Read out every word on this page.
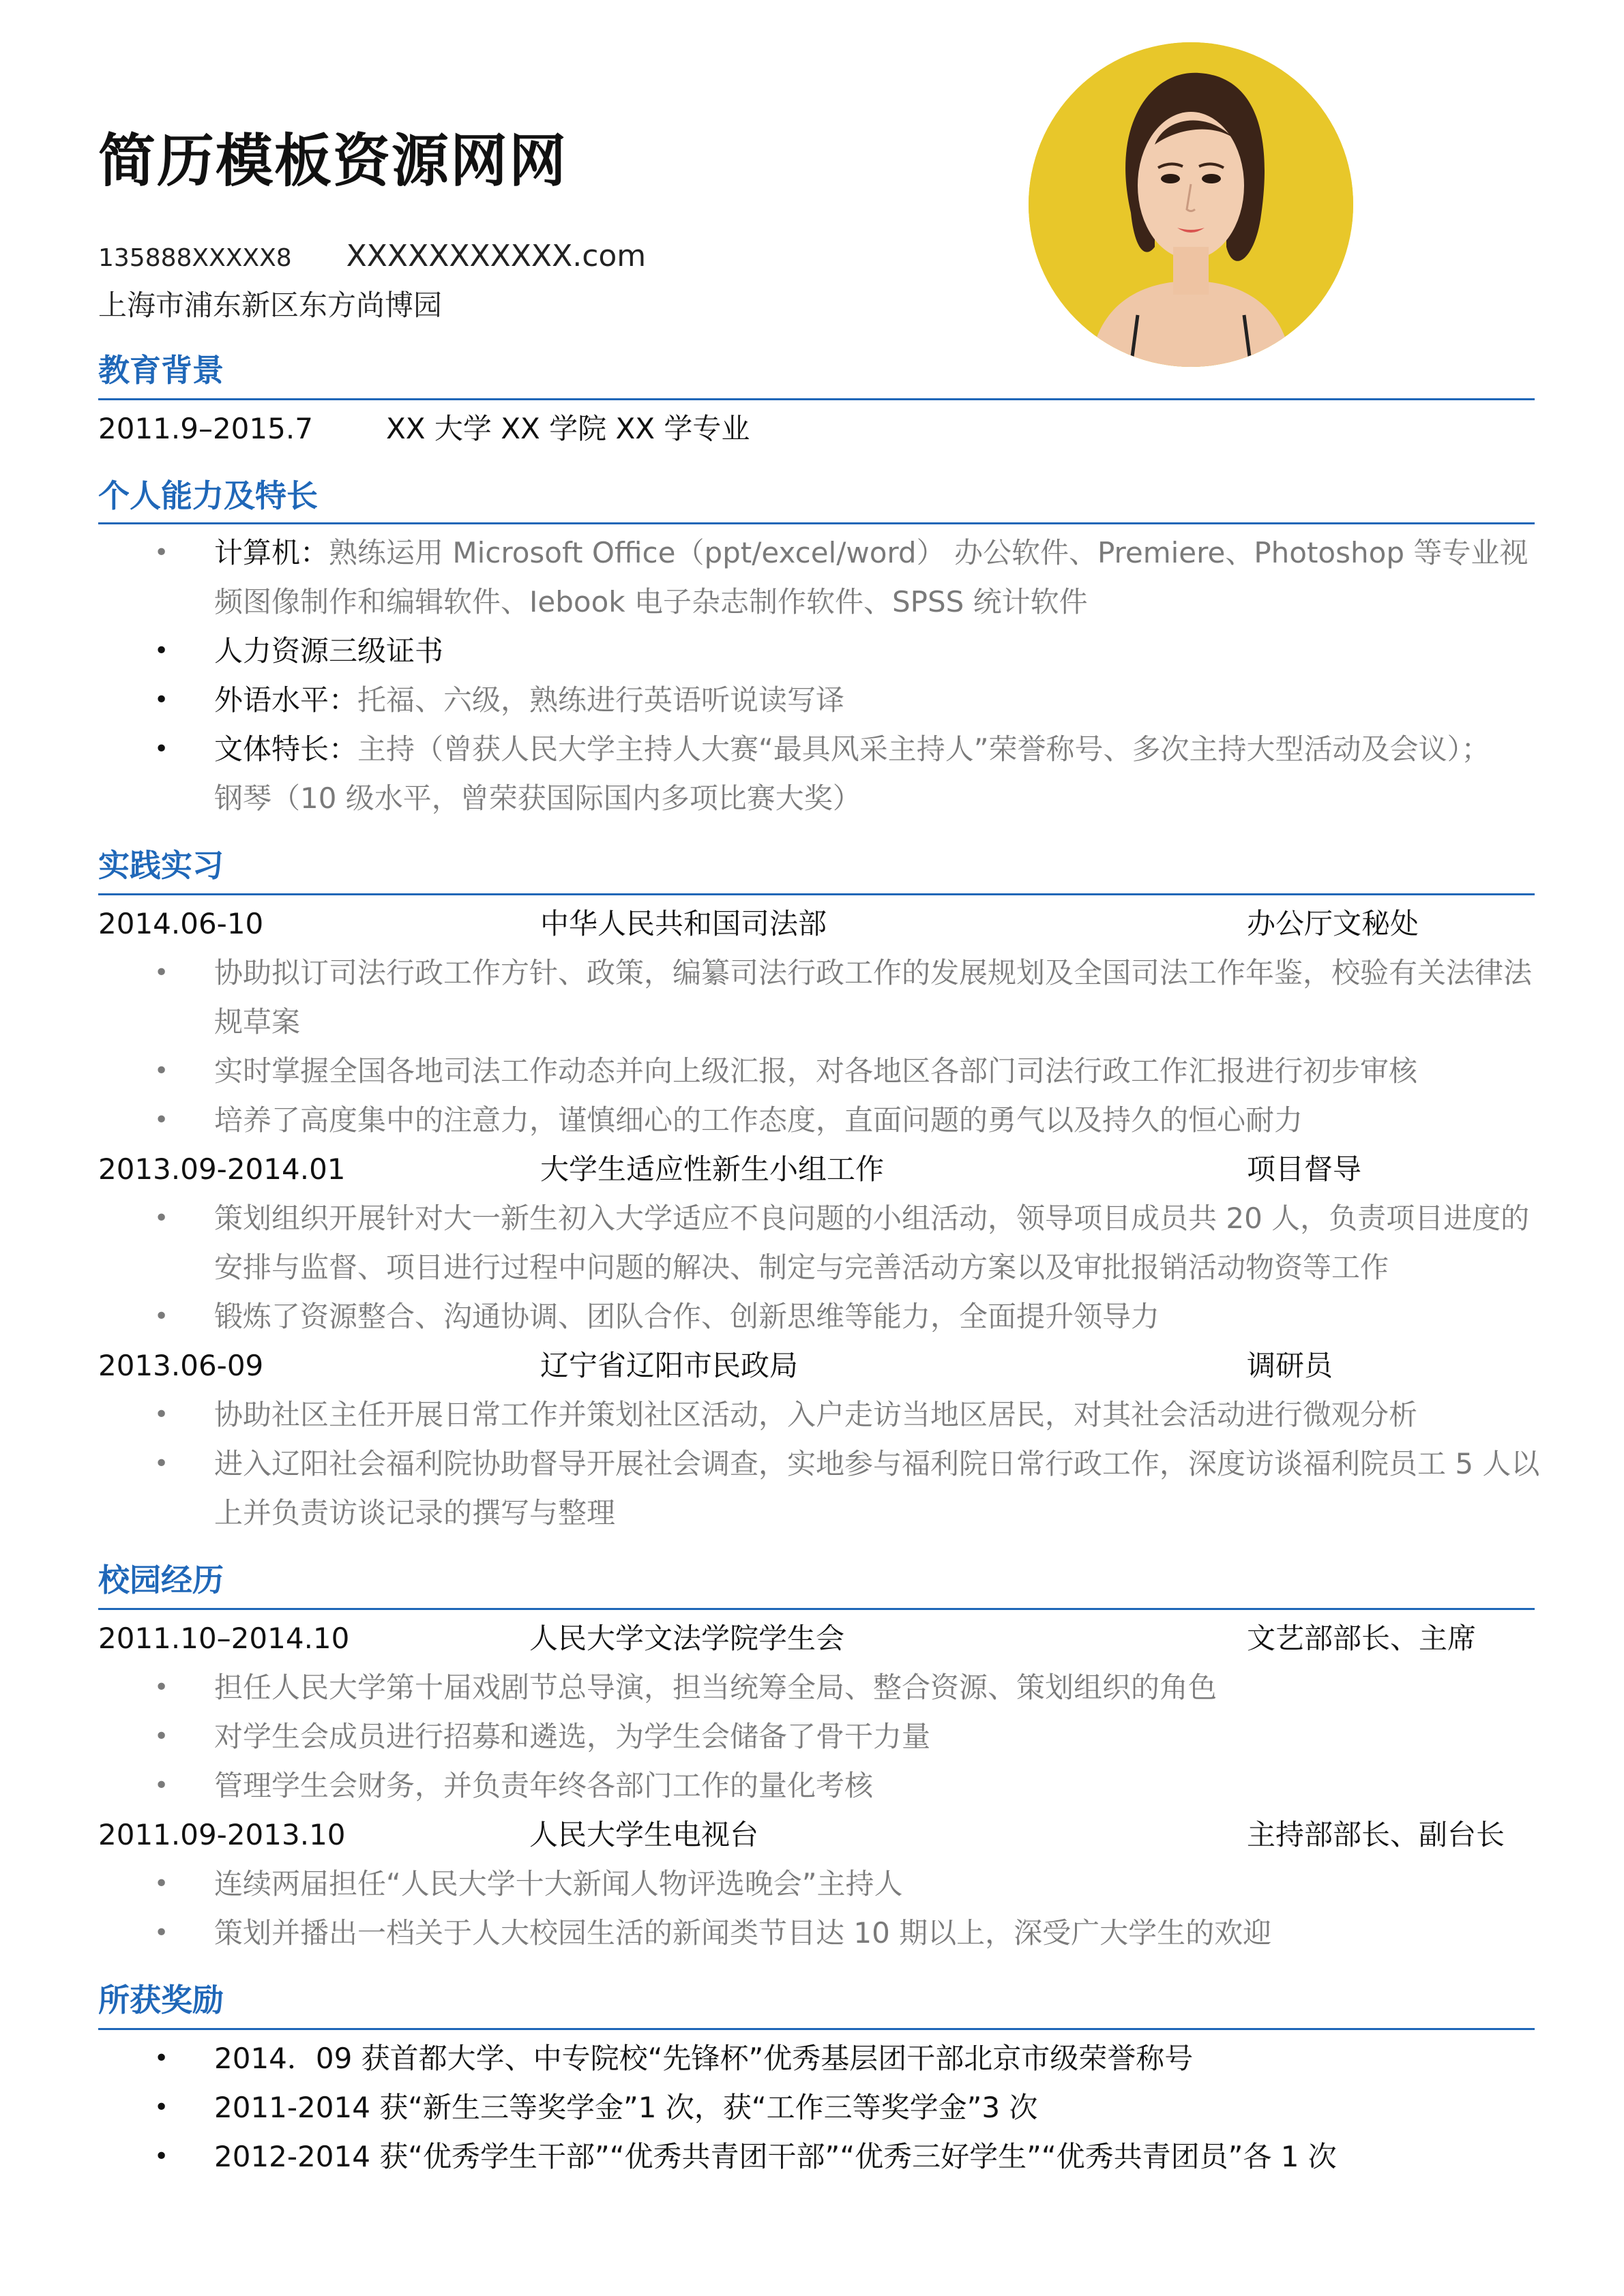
简历模板资源网网
135888XXXXX8 XXXXXXXXXXX.com
上海市浦东新区东方尚博园
教育背景
2011.9–2015.7	XX 大学 XX 学院 XX 学专业
个人能力及特长
• 计算机：熟练运用 Microsoft Office（ppt/excel/word） 办公软件、Premiere、Photoshop 等专业视
频图像制作和编辑软件、Iebook 电子杂志制作软件、SPSS 统计软件
• 人力资源三级证书
• 外语水平：托福、六级，熟练进行英语听说读写译
• 文体特长：主持（曾获人民大学主持人大赛“最具风采主持人”荣誉称号、多次主持大型活动及会议）；
钢琴（10 级水平，曾荣获国际国内多项比赛大奖）
实践实习
2014.06-10	中华人民共和国司法部	办公厅文秘处
• 协助拟订司法行政工作方针、政策，编纂司法行政工作的发展规划及全国司法工作年鉴，校验有关法律法
规草案
• 实时掌握全国各地司法工作动态并向上级汇报，对各地区各部门司法行政工作汇报进行初步审核
• 培养了高度集中的注意力，谨慎细心的工作态度，直面问题的勇气以及持久的恒心耐力
2013.09-2014.01	大学生适应性新生小组工作	项目督导
• 策划组织开展针对大一新生初入大学适应不良问题的小组活动，领导项目成员共 20 人，负责项目进度的
安排与监督、项目进行过程中问题的解决、制定与完善活动方案以及审批报销活动物资等工作
• 锻炼了资源整合、沟通协调、团队合作、创新思维等能力，全面提升领导力
2013.06-09	辽宁省辽阳市民政局	调研员
• 协助社区主任开展日常工作并策划社区活动，入户走访当地区居民，对其社会活动进行微观分析
• 进入辽阳社会福利院协助督导开展社会调查，实地参与福利院日常行政工作，深度访谈福利院员工 5 人以
上并负责访谈记录的撰写与整理
校园经历
2011.10–2014.10	人民大学文法学院学生会	文艺部部长、主席
• 担任人民大学第十届戏剧节总导演，担当统筹全局、整合资源、策划组织的角色
• 对学生会成员进行招募和遴选，为学生会储备了骨干力量
• 管理学生会财务，并负责年终各部门工作的量化考核
2011.09-2013.10	人民大学生电视台	主持部部长、副台长
• 连续两届担任“人民大学十大新闻人物评选晚会”主持人
• 策划并播出一档关于人大校园生活的新闻类节目达 10 期以上，深受广大学生的欢迎
所获奖励
• 2014．09 获首都大学、中专院校“先锋杯”优秀基层团干部北京市级荣誉称号
• 2011-2014 获“新生三等奖学金”1 次，获“工作三等奖学金”3 次
• 2012-2014 获“优秀学生干部”“优秀共青团干部”“优秀三好学生”“优秀共青团员”各 1 次
